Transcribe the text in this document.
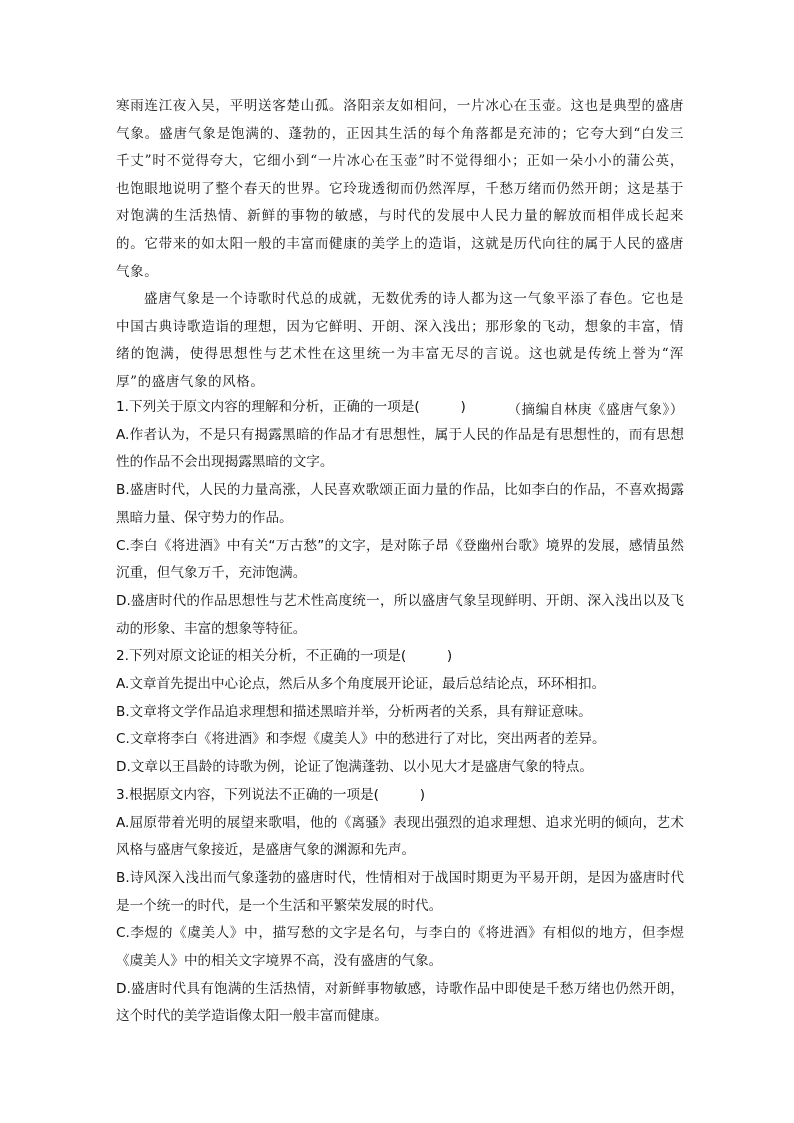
寒雨连江夜入吴，平明送客楚山孤。洛阳亲友如相问，一片冰心在玉壶。这也是典型的盛唐气象。盛唐气象是饱满的、蓬勃的，正因其生活的每个角落都是充沛的；它夸大到“白发三千丈”时不觉得夸大，它细小到“一片冰心在玉壶”时不觉得细小；正如一朵小小的蒲公英，也饱眼地说明了整个春天的世界。它玲珑透彻而仍然浑厚，千愁万绪而仍然开朗；这是基于对饱满的生活热情、新鲜的事物的敏感，与时代的发展中人民力量的解放而相伴成长起来的。它带来的如太阳一般的丰富而健康的美学上的造诣，这就是历代向往的属于人民的盛唐气象。

盛唐气象是一个诗歌时代总的成就，无数优秀的诗人都为这一气象平添了春色。它也是中国古典诗歌造诣的理想，因为它鲜明、开朗、深入浅出；那形象的飞动，想象的丰富，情绪的饱满，使得思想性与艺术性在这里统一为丰富无尽的言说。这也就是传统上誉为“浑厚”的盛唐气象的风格。

（摘编自林庚《盛唐气象》）

1.下列关于原文内容的理解和分析，正确的一项是(　　　)
A.作者认为，不是只有揭露黑暗的作品才有思想性，属于人民的作品是有思想性的，而有思想性的作品不会出现揭露黑暗的文字。
B.盛唐时代，人民的力量高涨，人民喜欢歌颂正面力量的作品，比如李白的作品，不喜欢揭露黑暗力量、保守势力的作品。
C.李白《将进酒》中有关“万古愁”的文字，是对陈子昂《登幽州台歌》境界的发展，感情虽然沉重，但气象万千，充沛饱满。
D.盛唐时代的作品思想性与艺术性高度统一，所以盛唐气象呈现鲜明、开朗、深入浅出以及飞动的形象、丰富的想象等特征。
2.下列对原文论证的相关分析，不正确的一项是(　　　)
A.文章首先提出中心论点，然后从多个角度展开论证，最后总结论点，环环相扣。
B.文章将文学作品追求理想和描述黑暗并举，分析两者的关系，具有辩证意味。
C.文章将李白《将进酒》和李煜《虞美人》中的愁进行了对比，突出两者的差异。
D.文章以王昌龄的诗歌为例，论证了饱满蓬勃、以小见大才是盛唐气象的特点。
3.根据原文内容，下列说法不正确的一项是(　　　)
A.屈原带着光明的展望来歌唱，他的《离骚》表现出强烈的追求理想、追求光明的倾向，艺术风格与盛唐气象接近，是盛唐气象的渊源和先声。
B.诗风深入浅出而气象蓬勃的盛唐时代，性情相对于战国时期更为平易开朗，是因为盛唐时代是一个统一的时代，是一个生活和平繁荣发展的时代。
C.李煜的《虞美人》中，描写愁的文字是名句，与李白的《将进酒》有相似的地方，但李煜《虞美人》中的相关文字境界不高，没有盛唐的气象。
D.盛唐时代具有饱满的生活热情，对新鲜事物敏感，诗歌作品中即使是千愁万绪也仍然开朗，这个时代的美学造诣像太阳一般丰富而健康。
